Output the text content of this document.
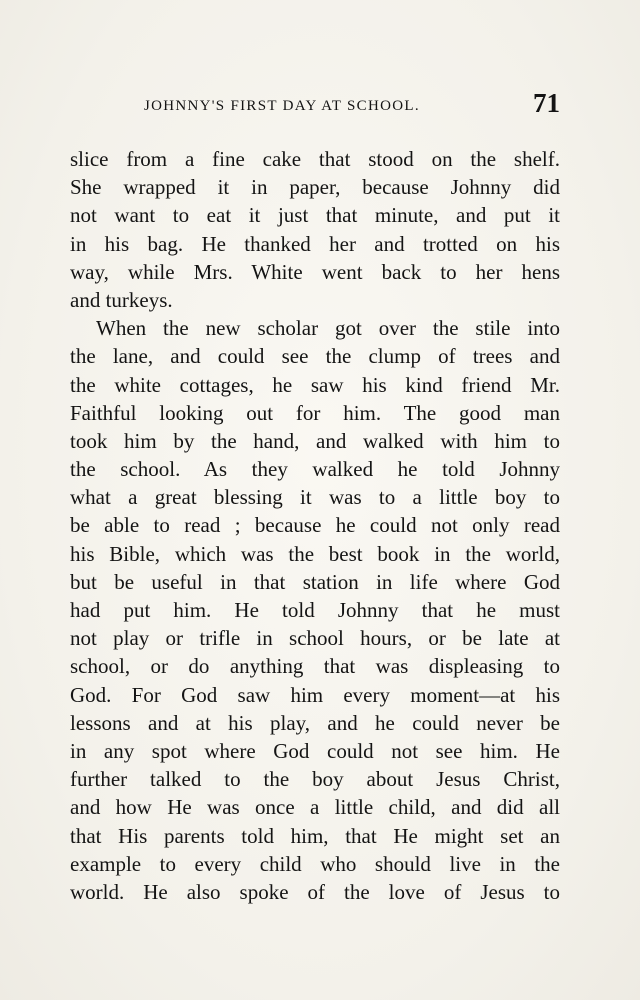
JOHNNY'S FIRST DAY AT SCHOOL.	71
slice from a fine cake that stood on the shelf.
She wrapped it in paper, because Johnny did
not want to eat it just that minute, and put it
in his bag. He thanked her and trotted on his
way, while Mrs. White went back to her hens
and turkeys.
When the new scholar got over the stile into
the lane, and could see the clump of trees and
the white cottages, he saw his kind friend Mr.
Faithful looking out for him. The good man
took him by the hand, and walked with him to
the school. As they walked he told Johnny
what a great blessing it was to a little boy to
be able to read ; because he could not only read
his Bible, which was the best book in the world,
but be useful in that station in life where God
had put him. He told Johnny that he must
not play or trifle in school hours, or be late at
school, or do anything that was displeasing to
God. For God saw him every moment—at his
lessons and at his play, and he could never be
in any spot where God could not see him. He
further talked to the boy about Jesus Christ,
and how He was once a little child, and did all
that His parents told him, that He might set an
example to every child who should live in the
world. He also spoke of the love of Jesus to
